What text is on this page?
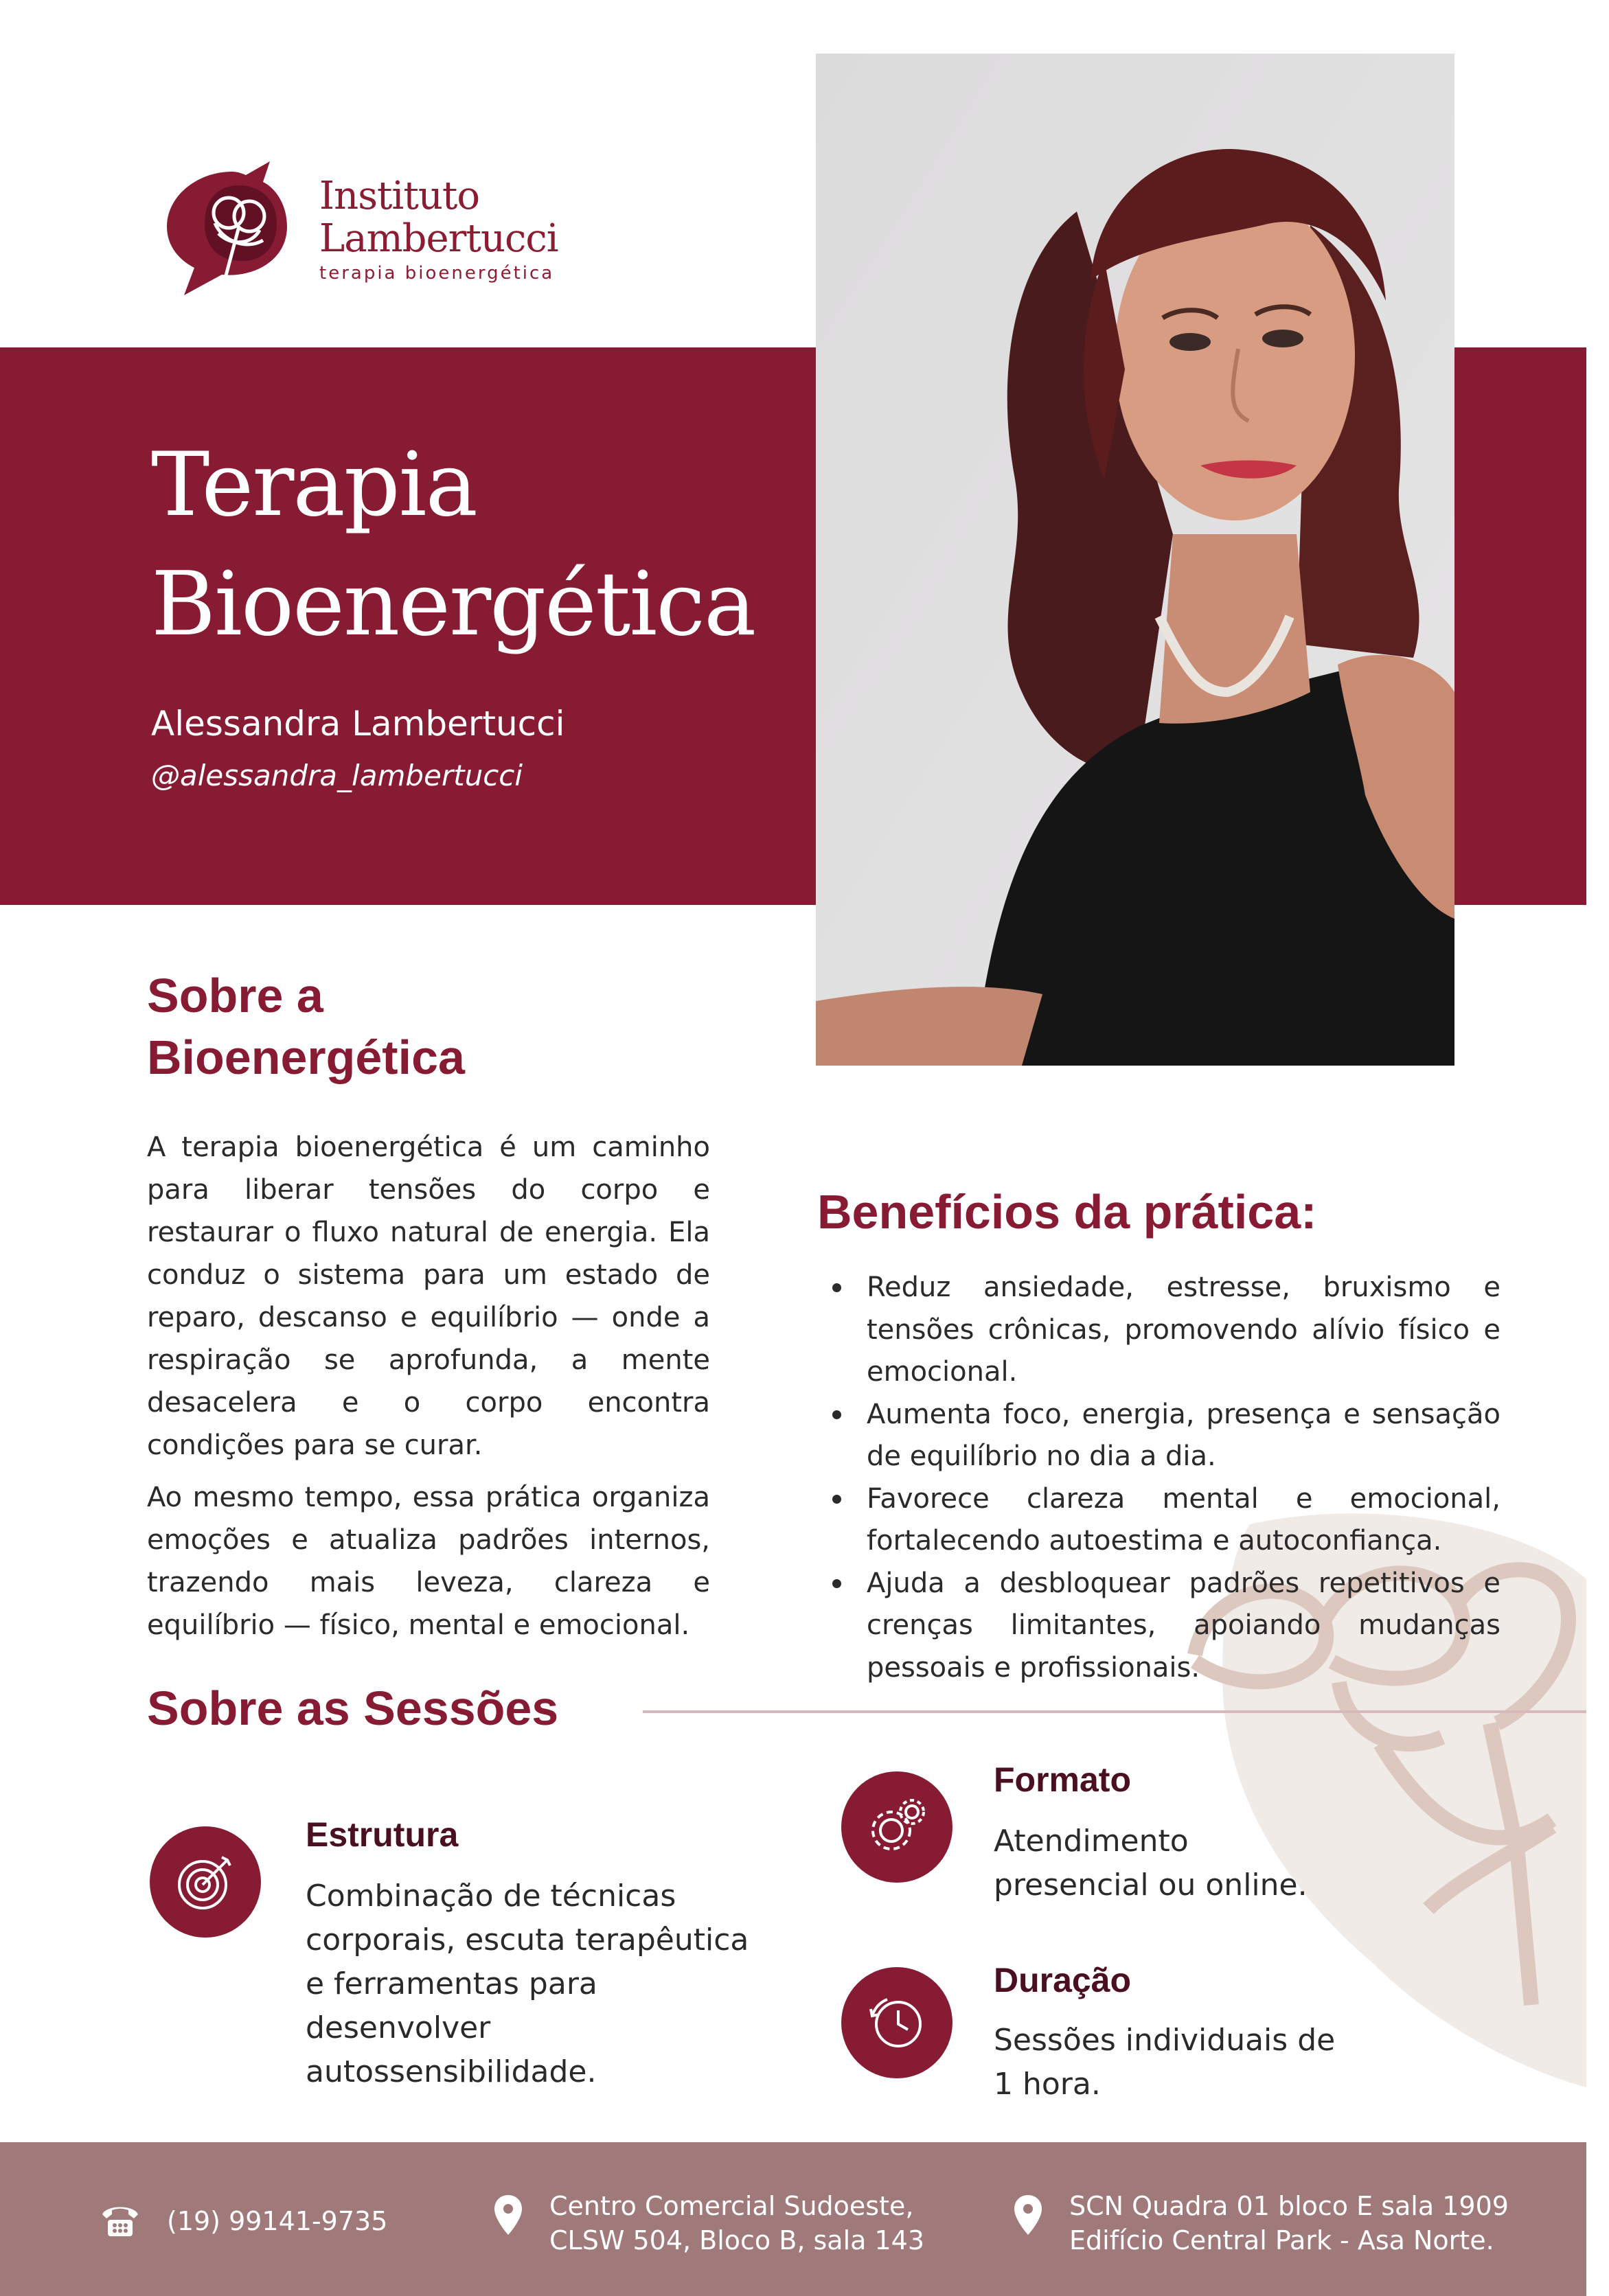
Instituto
Lambertucci
terapia bioenergética
Terapia
Bioenergética
Alessandra Lambertucci
@alessandra_lambertucci
Sobre a
Bioenergética
A terapia bioenergética é um caminho para liberar tensões do corpo e restaurar o fluxo natural de energia. Ela conduz o sistema para um estado de reparo, descanso e equilíbrio — onde a respiração se aprofunda, a mente desacelera e o corpo encontra condições para se curar.
Ao mesmo tempo, essa prática organiza emoções e atualiza padrões internos, trazendo mais leveza, clareza e equilíbrio — físico, mental e emocional.
Benefícios da prática:
Reduz ansiedade, estresse, bruxismo e tensões crônicas, promovendo alívio físico e emocional.
Aumenta foco, energia, presença e sensação de equilíbrio no dia a dia.
Favorece clareza mental e emocional, fortalecendo autoestima e autoconfiança.
Ajuda a desbloquear padrões repetitivos e crenças limitantes, apoiando mudanças pessoais e profissionais.
Sobre as Sessões
Estrutura
Combinação de técnicas corporais, escuta terapêutica e ferramentas para desenvolver autossensibilidade.
Formato
Atendimento presencial ou online.
Duração
Sessões individuais de 1 hora.
(19) 99141-9735	Centro Comercial Sudoeste,
CLSW 504, Bloco B, sala 143
SCN Quadra 01 bloco E sala 1909
Edifício Central Park - Asa Norte.
